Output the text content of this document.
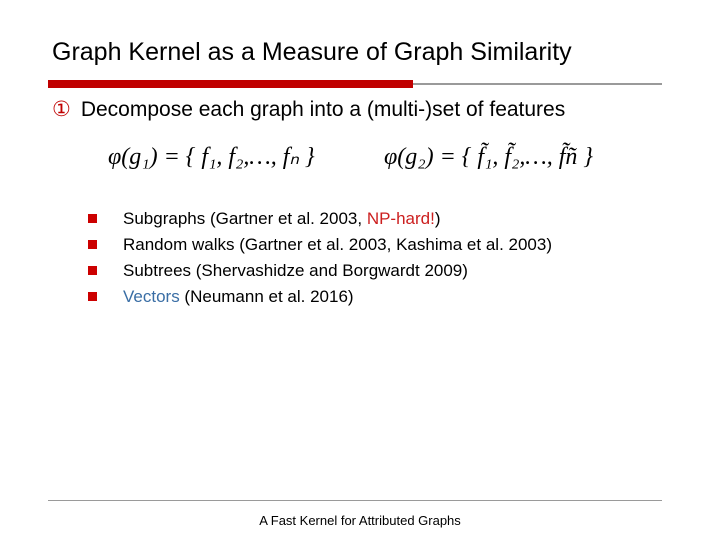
Graph Kernel as a Measure of Graph Similarity
① Decompose each graph into a (multi-)set of features
φ(g₁) = { f₁, f₂,…, fₙ }	φ(g₂) = { f̃₁, f̃₂,…, f̃ñ }
Subgraphs (Gartner et al. 2003, NP-hard!)
Random walks (Gartner et al. 2003, Kashima et al. 2003)
Subtrees (Shervashidze and Borgwardt 2009)
Vectors (Neumann et al. 2016)
A Fast Kernel for Attributed Graphs
